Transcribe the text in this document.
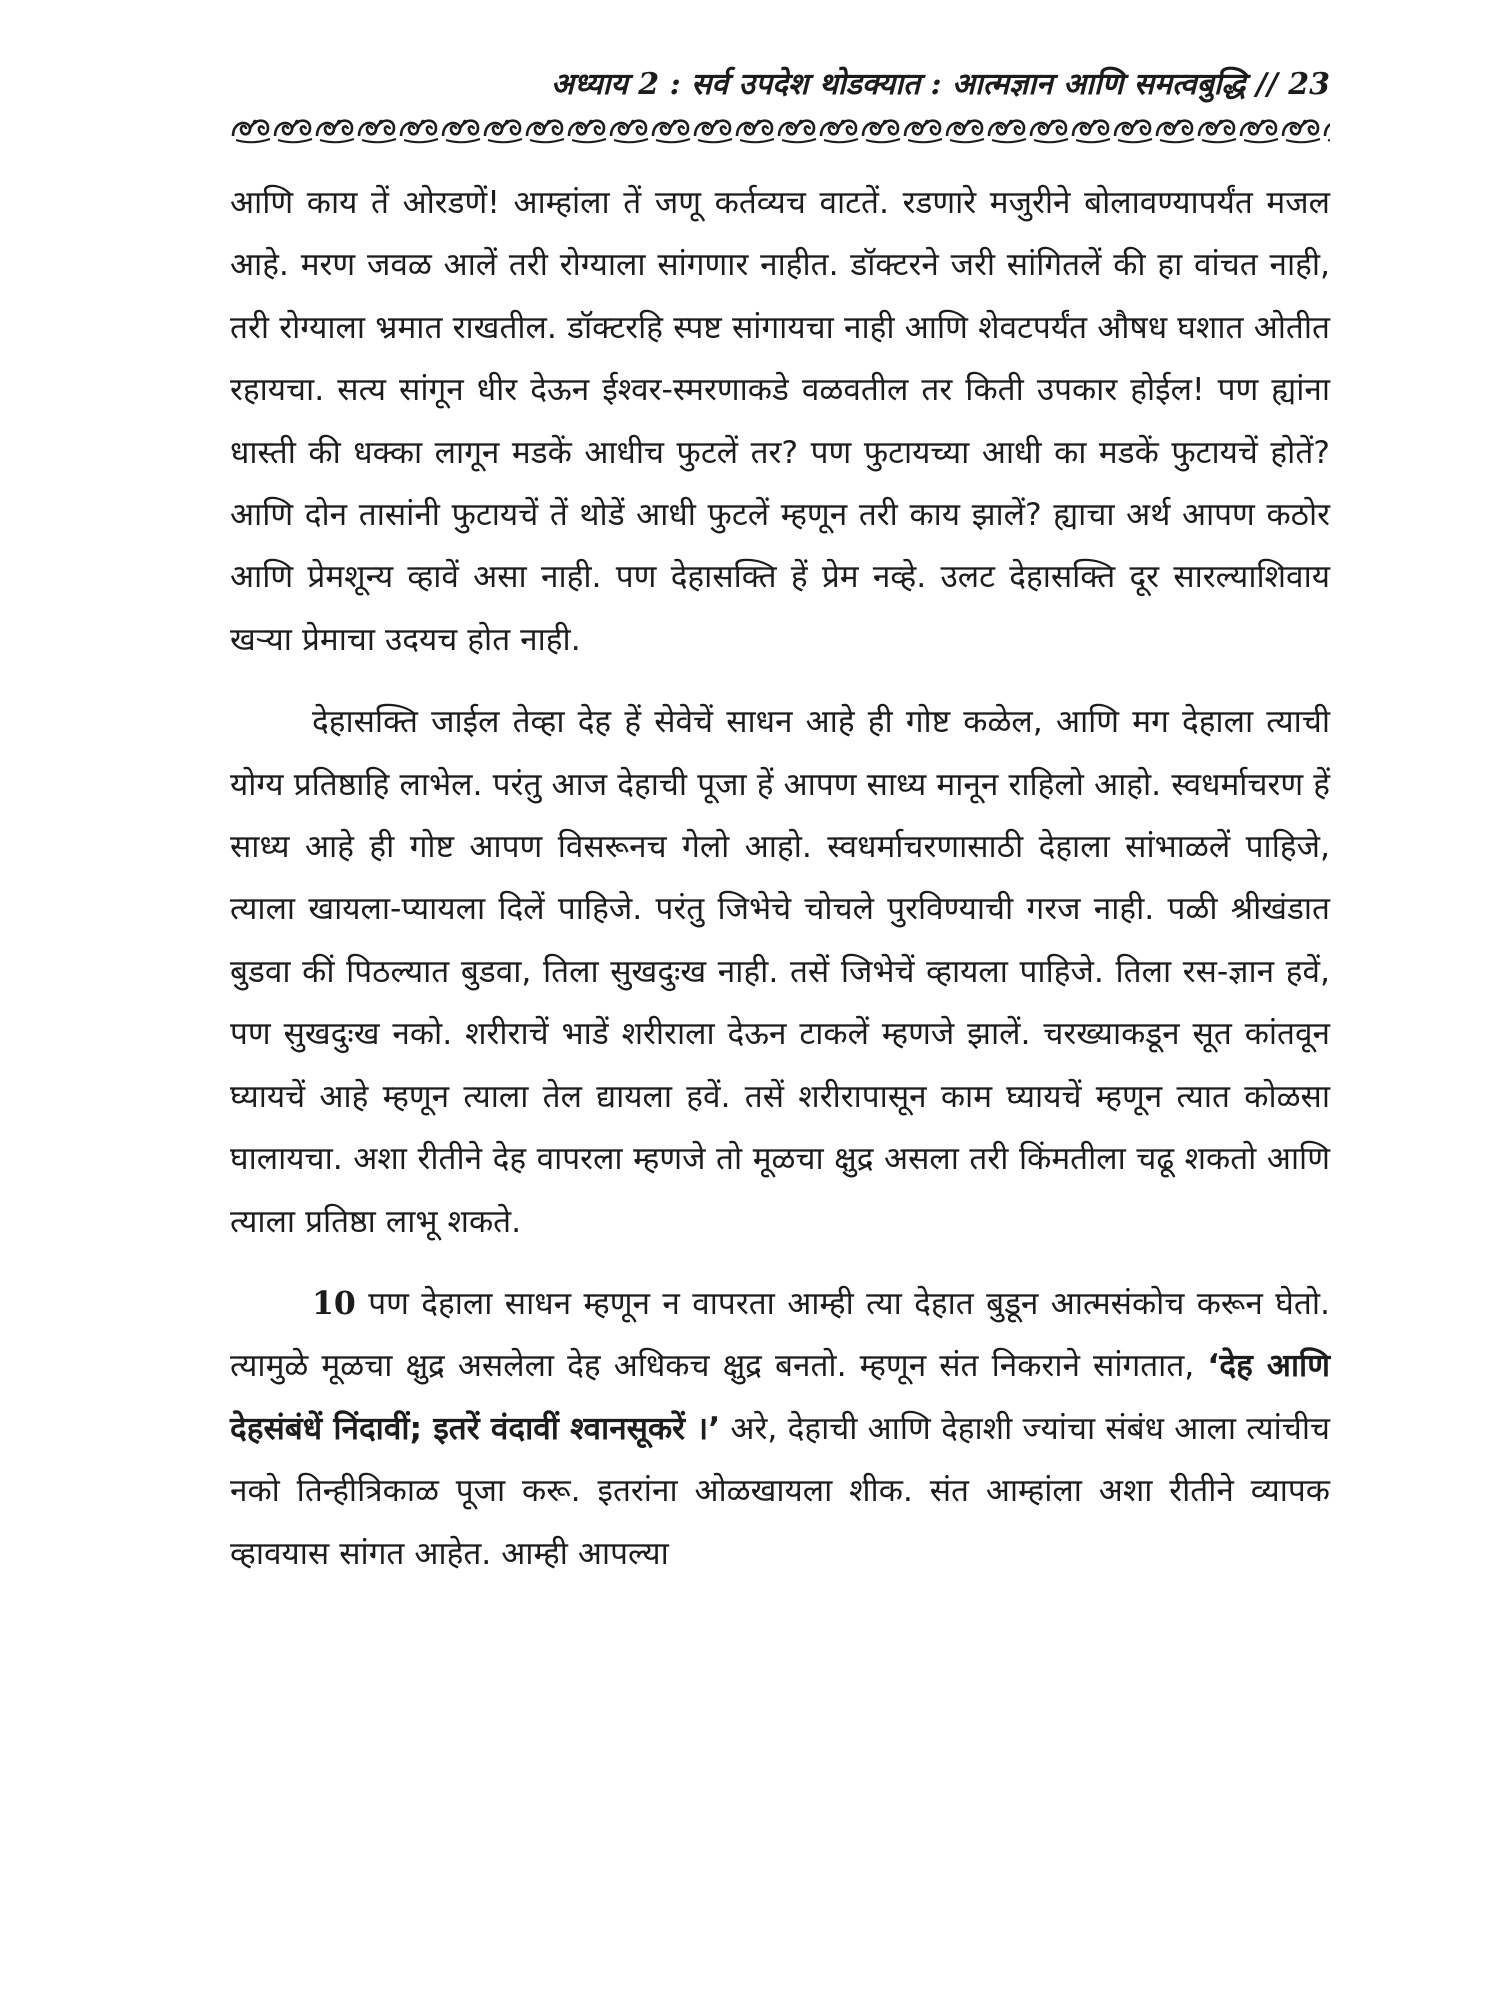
अध्याय 2 : सर्व उपदेश थोडक्यात : आत्मज्ञान आणि समत्वबुद्धि // 23

आणि काय तें ओरडणें! आम्हांला तें जणू कर्तव्यच वाटतें. रडणारे मजुरीने बोलावण्यापर्यंत मजल आहे. मरण जवळ आलें तरी रोग्याला सांगणार नाहीत. डॉक्टरने जरी सांगितलें की हा वांचत नाही, तरी रोग्याला भ्रमात राखतील. डॉक्टरहि स्पष्ट सांगायचा नाही आणि शेवटपर्यंत औषध घशात ओतीत रहायचा. सत्य सांगून धीर देऊन ईश्वर-स्मरणाकडे वळवतील तर किती उपकार होईल! पण ह्यांना धास्ती की धक्का लागून मडकें आधीच फुटलें तर? पण फुटायच्या आधी का मडकें फुटायचें होतें? आणि दोन तासांनी फुटायचें तें थोडें आधी फुटलें म्हणून तरी काय झालें? ह्याचा अर्थ आपण कठोर आणि प्रेमशून्य व्हावें असा नाही. पण देहासक्ति हें प्रेम नव्हे. उलट देहासक्ति दूर सारल्याशिवाय खऱ्या प्रेमाचा उदयच होत नाही.

देहासक्ति जाईल तेव्हा देह हें सेवेचें साधन आहे ही गोष्ट कळेल, आणि मग देहाला त्याची योग्य प्रतिष्ठाहि लाभेल. परंतु आज देहाची पूजा हें आपण साध्य मानून राहिलो आहो. स्वधर्माचरण हें साध्य आहे ही गोष्ट आपण विसरूनच गेलो आहो. स्वधर्माचरणासाठी देहाला सांभाळलें पाहिजे, त्याला खायला-प्यायला दिलें पाहिजे. परंतु जिभेचे चोचले पुरविण्याची गरज नाही. पळी श्रीखंडात बुडवा कीं पिठल्यात बुडवा, तिला सुखदुःख नाही. तसें जिभेचें व्हायला पाहिजे. तिला रस-ज्ञान हवें, पण सुखदुःख नको. शरीराचें भाडें शरीराला देऊन टाकलें म्हणजे झालें. चरख्याकडून सूत कांतवून घ्यायचें आहे म्हणून त्याला तेल द्यायला हवें. तसें शरीरापासून काम घ्यायचें म्हणून त्यात कोळसा घालायचा. अशा रीतीने देह वापरला म्हणजे तो मूळचा क्षुद्र असला तरी किंमतीला चढू शकतो आणि त्याला प्रतिष्ठा लाभू शकते.

10 पण देहाला साधन म्हणून न वापरता आम्ही त्या देहात बुडून आत्मसंकोच करून घेतो. त्यामुळे मूळचा क्षुद्र असलेला देह अधिकच क्षुद्र बनतो. म्हणून संत निकराने सांगतात, ‘देह आणि देहसंबंधें निंदावीं; इतरें वंदावीं श्वानसूकरें ।’ अरे, देहाची आणि देहाशी ज्यांचा संबंध आला त्यांचीच नको तिन्हीत्रिकाळ पूजा करू. इतरांना ओळखायला शीक. संत आम्हांला अशा रीतीने व्यापक व्हावयास सांगत आहेत. आम्ही आपल्या
